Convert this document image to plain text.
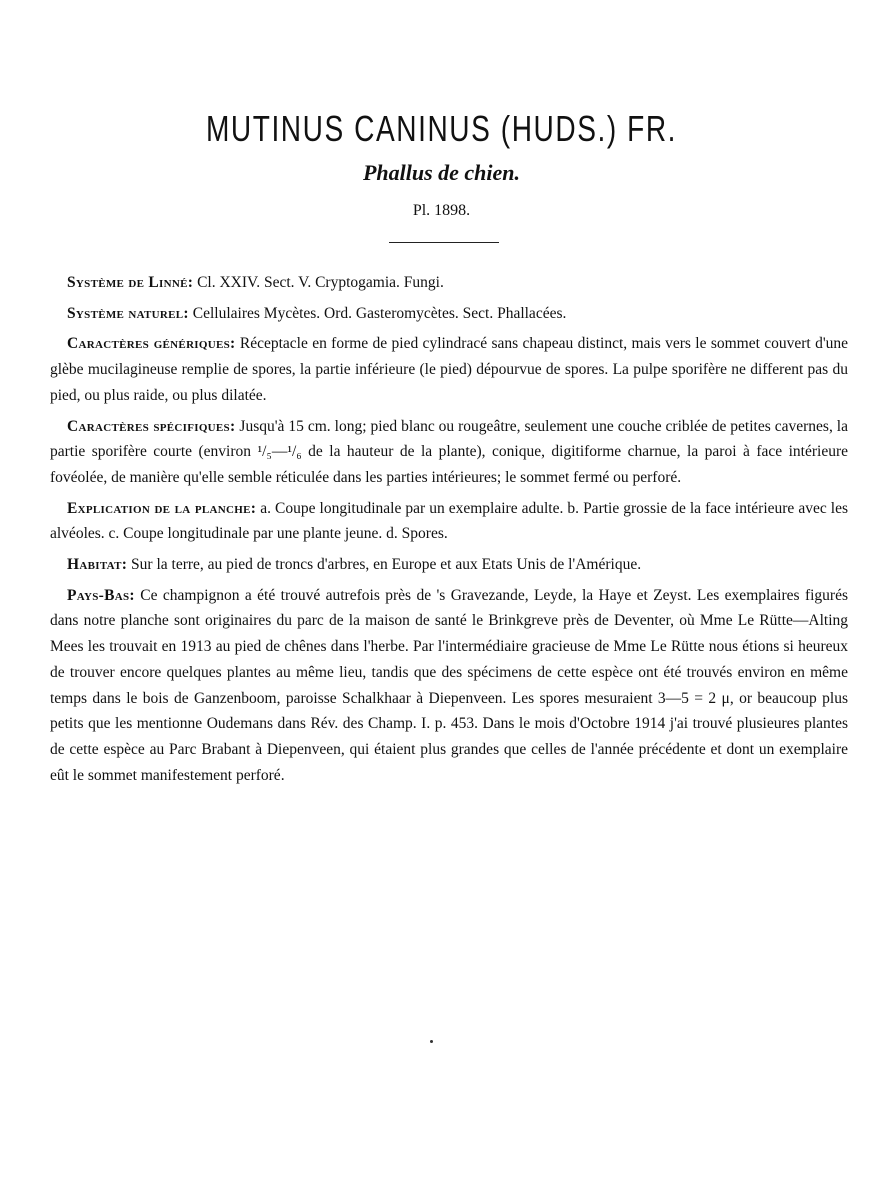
MUTINUS CANINUS (HUDS.) FR.
Phallus de chien.
Pl. 1898.

Système de Linné: Cl. XXIV. Sect. V. Cryptogamia. Fungi.

Système naturel: Cellulaires Mycètes. Ord. Gasteromycètes. Sect. Phallacées.

Caractères génériques: Réceptacle en forme de pied cylindracé sans chapeau distinct, mais vers le sommet couvert d'une glèbe mucilagineuse remplie de spores, la partie inférieure (le pied) dépourvue de spores. La pulpe sporifère ne different pas du pied, ou plus raide, ou plus dilatée.

Caractères spécifiques: Jusqu'à 15 cm. long; pied blanc ou rougeâtre, seulement une couche criblée de petites cavernes, la partie sporifère courte (environ ¹/₅—¹/₆ de la hauteur de la plante), conique, digitiforme charnue, la paroi à face intérieure fovéolée, de manière qu'elle semble réticulée dans les parties intérieures; le sommet fermé ou perforé.

Explication de la planche: a. Coupe longitudinale par un exemplaire adulte. b. Partie grossie de la face intérieure avec les alvéoles. c. Coupe longitudinale par une plante jeune. d. Spores.

Habitat: Sur la terre, au pied de troncs d'arbres, en Europe et aux Etats Unis de l'Amérique.

Pays-Bas: Ce champignon a été trouvé autrefois près de 's Gravezande, Leyde, la Haye et Zeyst. Les exemplaires figurés dans notre planche sont originaires du parc de la maison de santé le Brinkgreve près de Deventer, où Mme Le Rütte—Alting Mees les trouvait en 1913 au pied de chênes dans l'herbe. Par l'intermédiaire gracieuse de Mme Le Rütte nous étions si heureux de trouver encore quelques plantes au même lieu, tandis que des spécimens de cette espèce ont été trouvés environ en même temps dans le bois de Ganzenboom, paroisse Schalkhaar à Diepenveen. Les spores mesuraient 3—5 = 2 μ, or beaucoup plus petits que les mentionne Oudemans dans Rév. des Champ. I. p. 453. Dans le mois d'Octobre 1914 j'ai trouvé plusieures plantes de cette espèce au Parc Brabant à Diepenveen, qui étaient plus grandes que celles de l'année précédente et dont un exemplaire eût le sommet manifestement perforé.
